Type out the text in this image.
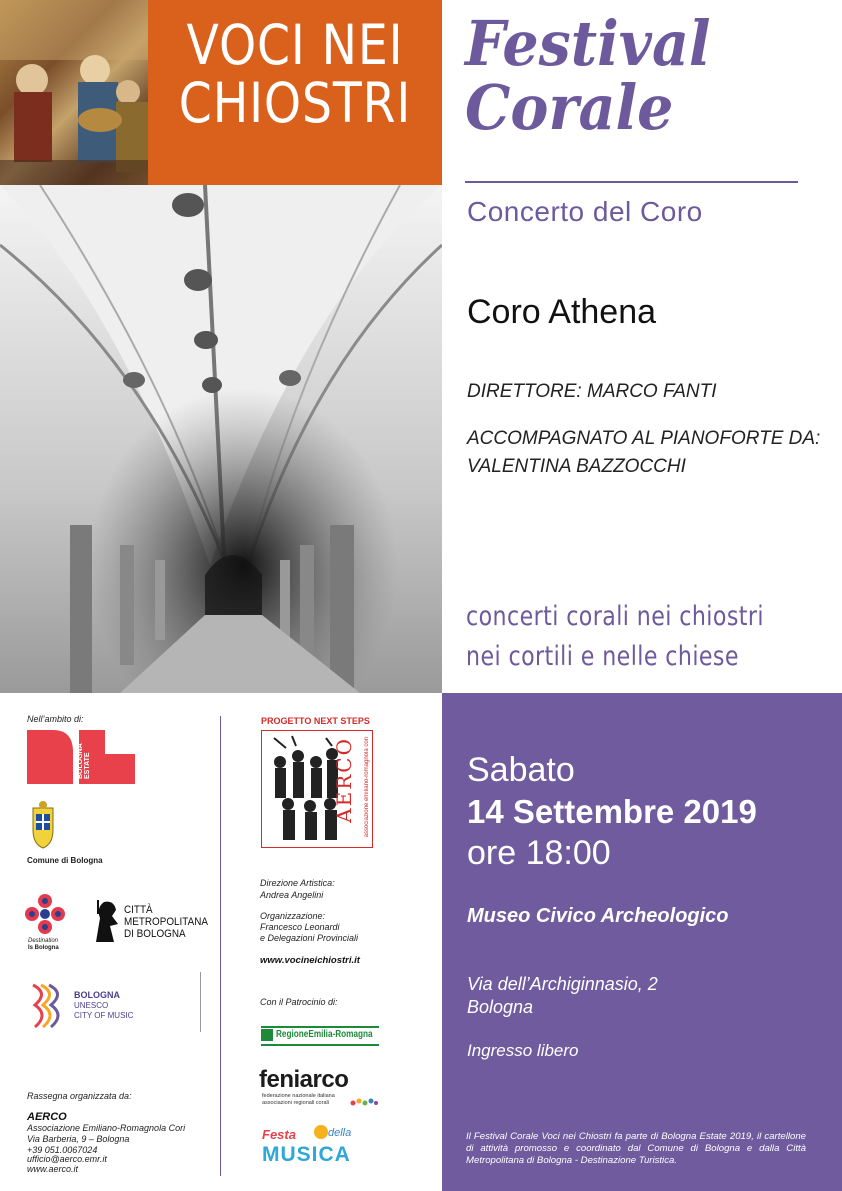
VOCI NEI
CHIOSTRI
Festival
Corale
Concerto del Coro
Coro Athena
DIRETTORE: MARCO FANTI
ACCOMPAGNATO AL PIANOFORTE DA:
VALENTINA BAZZOCCHI
concerti corali nei chiostri
nei cortili e nelle chiese
Nell’ambito di:
BOLOGNA ESTATE
Comune di Bologna
Destination
Is Bologna
CITTÀ
METROPOLITANA
DI BOLOGNA
BOLOGNA
UNESCO
CITY OF MUSIC
Rassegna organizzata da:
AERCO
Associazione Emiliano-Romagnola Cori
Via Barberia, 9 – Bologna
+39 051.0067024
ufficio@aerco.emr.it
www.aerco.it
PROGETTO NEXT STEPS
AERCO associazione emiliano-romagnola cori
Direzione Artistica:
Andrea Angelini
Organizzazione:
Francesco Leonardi
e Delegazioni Provinciali
www.vocineichiostri.it
Con il Patrocinio di:
RegioneEmilia-Romagna
feniarco
federazione nazionale italiana
associazioni regionali corali
Festa	della
MUSICA
Sabato
14 Settembre 2019
ore 18:00
Museo Civico Archeologico
Via dell’Archiginnasio, 2
Bologna
Ingresso libero
Il Festival Corale Voci nei Chiostri fa parte di Bologna Estate 2019, il cartellone di attività promosso e coordinato dal Comune di Bologna e dalla Città Metropolitana di Bologna - Destinazione Turistica.
